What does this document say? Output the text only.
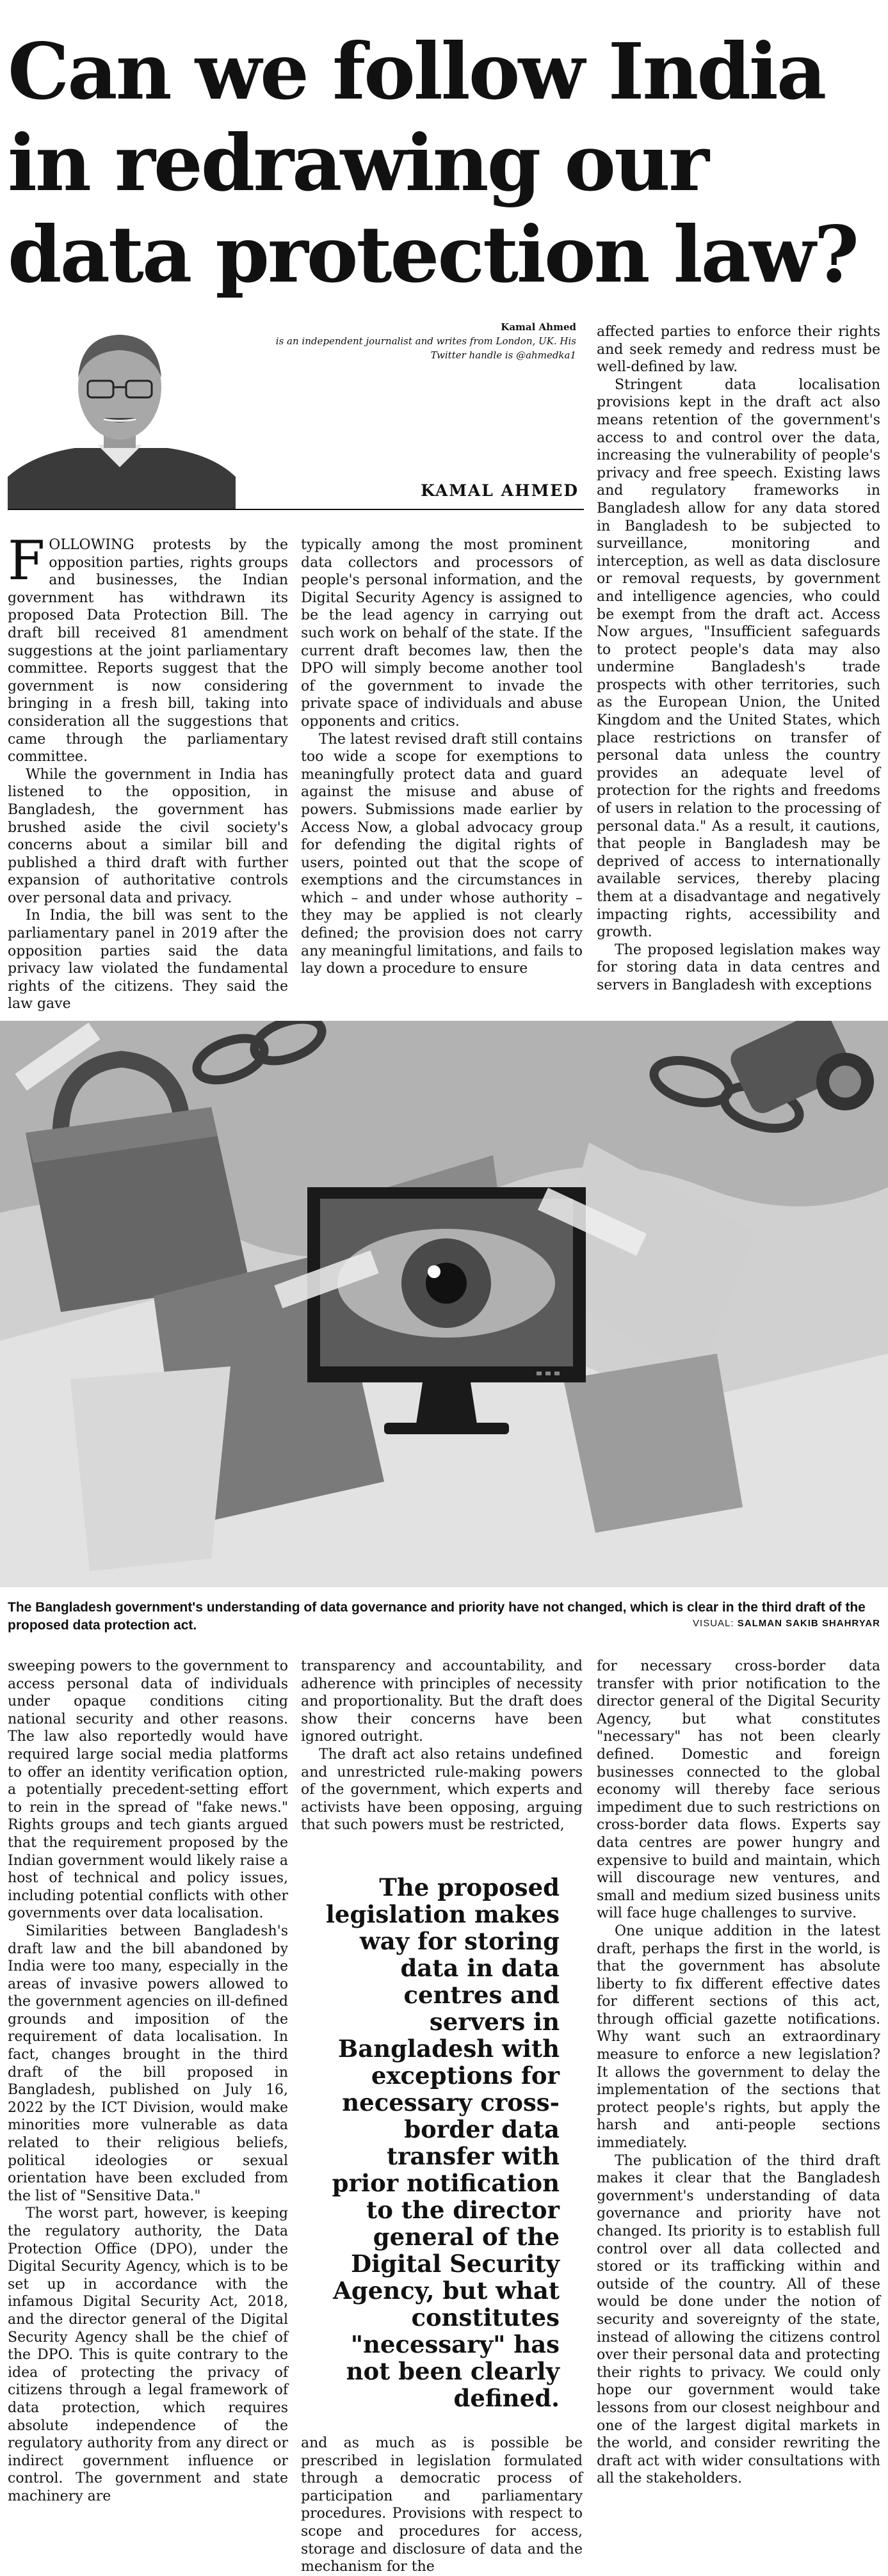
Can we follow India in redrawing our data protection law?
Kamal Ahmed
is an independent journalist and writes from London, UK. His Twitter handle is @ahmedka1
KAMAL AHMED

FOLLOWING protests by the opposition parties, rights groups and businesses, the Indian government has withdrawn its proposed Data Protection Bill. The draft bill received 81 amendment suggestions at the joint parliamentary committee. Reports suggest that the government is now considering bringing in a fresh bill, taking into consideration all the suggestions that came through the parliamentary committee.

While the government in India has listened to the opposition, in Bangladesh, the government has brushed aside the civil society's concerns about a similar bill and published a third draft with further expansion of authoritative controls over personal data and privacy.

In India, the bill was sent to the parliamentary panel in 2019 after the opposition parties said the data privacy law violated the fundamental rights of the citizens. They said the law gave

typically among the most prominent data collectors and processors of people's personal information, and the Digital Security Agency is assigned to be the lead agency in carrying out such work on behalf of the state. If the current draft becomes law, then the DPO will simply become another tool of the government to invade the private space of individuals and abuse opponents and critics.

The latest revised draft still contains too wide a scope for exemptions to meaningfully protect data and guard against the misuse and abuse of powers. Submissions made earlier by Access Now, a global advocacy group for defending the digital rights of users, pointed out that the scope of exemptions and the circumstances in which – and under whose authority – they may be applied is not clearly defined; the provision does not carry any meaningful limitations, and fails to lay down a procedure to ensure

affected parties to enforce their rights and seek remedy and redress must be well-defined by law.

Stringent data localisation provisions kept in the draft act also means retention of the government's access to and control over the data, increasing the vulnerability of people's privacy and free speech. Existing laws and regulatory frameworks in Bangladesh allow for any data stored in Bangladesh to be subjected to surveillance, monitoring and interception, as well as data disclosure or removal requests, by government and intelligence agencies, who could be exempt from the draft act. Access Now argues, "Insufficient safeguards to protect people's data may also undermine Bangladesh's trade prospects with other territories, such as the European Union, the United Kingdom and the United States, which place restrictions on transfer of personal data unless the country provides an adequate level of protection for the rights and freedoms of users in relation to the processing of personal data." As a result, it cautions, that people in Bangladesh may be deprived of access to internationally available services, thereby placing them at a disadvantage and negatively impacting rights, accessibility and growth.

The proposed legislation makes way for storing data in data centres and servers in Bangladesh with exceptions

The Bangladesh government's understanding of data governance and priority have not changed, which is clear in the third draft of the proposed data protection act.	VISUAL: SALMAN SAKIB SHAHRYAR

sweeping powers to the government to access personal data of individuals under opaque conditions citing national security and other reasons. The law also reportedly would have required large social media platforms to offer an identity verification option, a potentially precedent-setting effort to rein in the spread of "fake news." Rights groups and tech giants argued that the requirement proposed by the Indian government would likely raise a host of technical and policy issues, including potential conflicts with other governments over data localisation.

Similarities between Bangladesh's draft law and the bill abandoned by India were too many, especially in the areas of invasive powers allowed to the government agencies on ill-defined grounds and imposition of the requirement of data localisation. In fact, changes brought in the third draft of the bill proposed in Bangladesh, published on July 16, 2022 by the ICT Division, would make minorities more vulnerable as data related to their religious beliefs, political ideologies or sexual orientation have been excluded from the list of "Sensitive Data."

The worst part, however, is keeping the regulatory authority, the Data Protection Office (DPO), under the Digital Security Agency, which is to be set up in accordance with the infamous Digital Security Act, 2018, and the director general of the Digital Security Agency shall be the chief of the DPO. This is quite contrary to the idea of protecting the privacy of citizens through a legal framework of data protection, which requires absolute independence of the regulatory authority from any direct or indirect government influence or control. The government and state machinery are

transparency and accountability, and adherence with principles of necessity and proportionality. But the draft does show their concerns have been ignored outright.

The draft act also retains undefined and unrestricted rule-making powers of the government, which experts and activists have been opposing, arguing that such powers must be restricted,

The proposed legislation makes way for storing data in data centres and servers in Bangladesh with exceptions for necessary cross-border data transfer with prior notification to the director general of the Digital Security Agency, but what constitutes "necessary" has not been clearly defined.

and as much as is possible be prescribed in legislation formulated through a democratic process of participation and parliamentary procedures. Provisions with respect to scope and procedures for access, storage and disclosure of data and the mechanism for the

for necessary cross-border data transfer with prior notification to the director general of the Digital Security Agency, but what constitutes "necessary" has not been clearly defined. Domestic and foreign businesses connected to the global economy will thereby face serious impediment due to such restrictions on cross-border data flows. Experts say data centres are power hungry and expensive to build and maintain, which will discourage new ventures, and small and medium sized business units will face huge challenges to survive.

One unique addition in the latest draft, perhaps the first in the world, is that the government has absolute liberty to fix different effective dates for different sections of this act, through official gazette notifications. Why want such an extraordinary measure to enforce a new legislation? It allows the government to delay the implementation of the sections that protect people's rights, but apply the harsh and anti-people sections immediately.

The publication of the third draft makes it clear that the Bangladesh government's understanding of data governance and priority have not changed. Its priority is to establish full control over all data collected and stored or its trafficking within and outside of the country. All of these would be done under the notion of security and sovereignty of the state, instead of allowing the citizens control over their personal data and protecting their rights to privacy. We could only hope our government would take lessons from our closest neighbour and one of the largest digital markets in the world, and consider rewriting the draft act with wider consultations with all the stakeholders.
